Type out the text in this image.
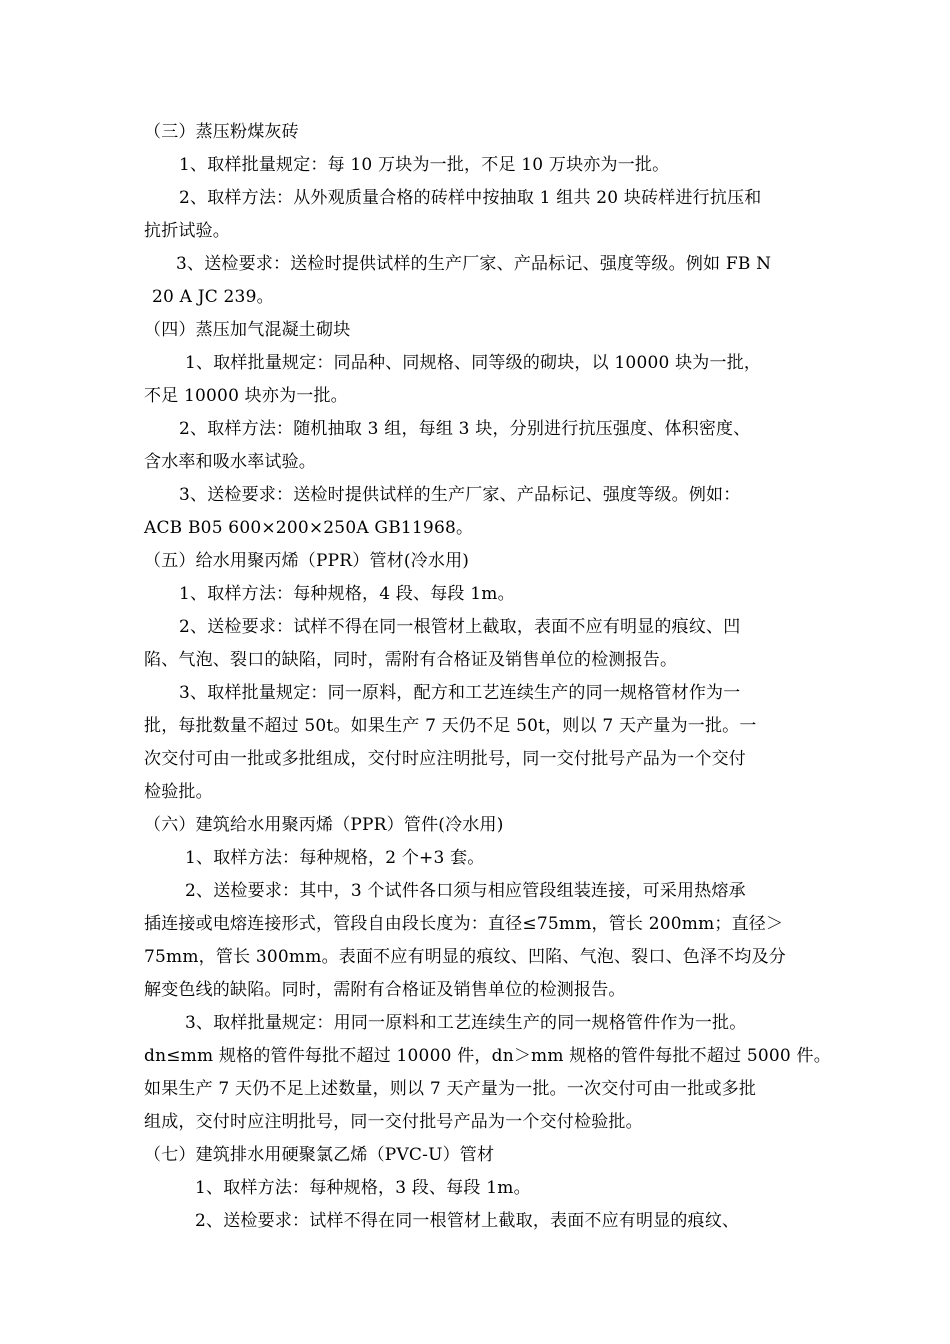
（三）蒸压粉煤灰砖
1、取样批量规定：每 10 万块为一批，不足 10 万块亦为一批。
2、取样方法：从外观质量合格的砖样中按抽取 1 组共 20 块砖样进行抗压和
抗折试验。
3、送检要求：送检时提供试样的生产厂家、产品标记、强度等级。例如 FB N
20 A JC 239。
（四）蒸压加气混凝土砌块
1、取样批量规定：同品种、同规格、同等级的砌块，以 10000 块为一批，
不足 10000 块亦为一批。
2、取样方法：随机抽取 3 组，每组 3 块，分别进行抗压强度、体积密度、
含水率和吸水率试验。
3、送检要求：送检时提供试样的生产厂家、产品标记、强度等级。例如：
ACB B05 600×200×250A GB11968。
（五）给水用聚丙烯（PPR）管材(冷水用)
1、取样方法：每种规格，4 段、每段 1m。
2、送检要求：试样不得在同一根管材上截取，表面不应有明显的痕纹、凹
陷、气泡、裂口的缺陷，同时，需附有合格证及销售单位的检测报告。
3、取样批量规定：同一原料，配方和工艺连续生产的同一规格管材作为一
批，每批数量不超过 50t。如果生产 7 天仍不足 50t，则以 7 天产量为一批。一
次交付可由一批或多批组成，交付时应注明批号，同一交付批号产品为一个交付
检验批。
（六）建筑给水用聚丙烯（PPR）管件(冷水用)
1、取样方法：每种规格，2 个+3 套。
2、送检要求：其中，3 个试件各口须与相应管段组装连接，可采用热熔承
插连接或电熔连接形式，管段自由段长度为：直径≤75mm，管长 200mm；直径＞
75mm，管长 300mm。表面不应有明显的痕纹、凹陷、气泡、裂口、色泽不均及分
解变色线的缺陷。同时，需附有合格证及销售单位的检测报告。
3、取样批量规定：用同一原料和工艺连续生产的同一规格管件作为一批。
dn≤mm 规格的管件每批不超过 10000 件，dn＞mm 规格的管件每批不超过 5000 件。
如果生产 7 天仍不足上述数量，则以 7 天产量为一批。一次交付可由一批或多批
组成，交付时应注明批号，同一交付批号产品为一个交付检验批。
（七）建筑排水用硬聚氯乙烯（PVC-U）管材
1、取样方法：每种规格，3 段、每段 1m。
2、送检要求：试样不得在同一根管材上截取，表面不应有明显的痕纹、
